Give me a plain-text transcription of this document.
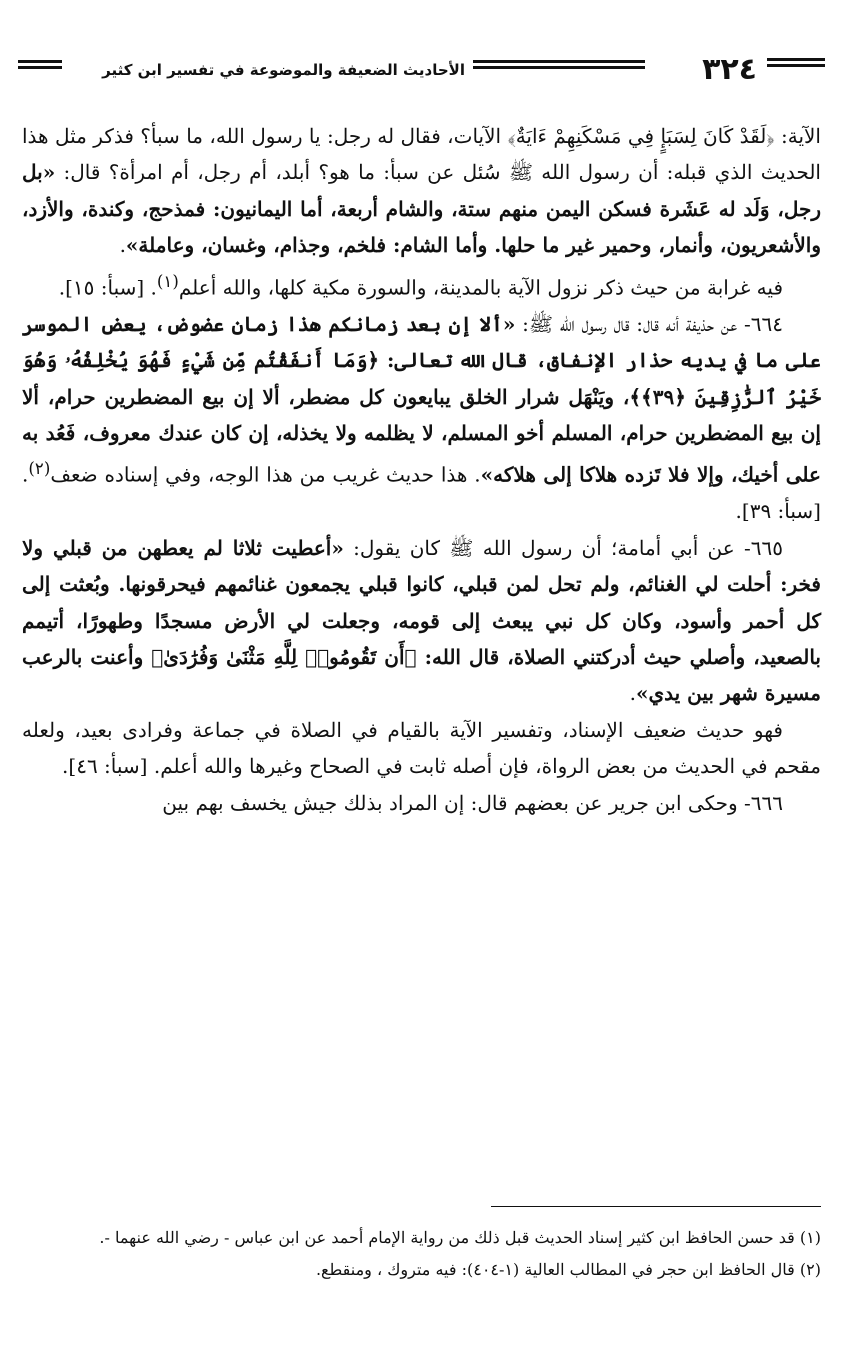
٣٢٤
الأحاديث الضعيفة والموضوعة في تفسير ابن كثير

الآية: ﴿لَقَدْ كَانَ لِسَبَإٍ فِي مَسْكَنِهِمْ ءَايَةٌ﴾ الآيات، فقال له رجل: يا رسول الله، ما سبأ؟ فذكر مثل هذا الحديث الذي قبله: أن رسول الله ﷺ سُئل عن سبأ: ما هو؟ أبلد، أم رجل، أم امرأة؟ قال: «بل رجل، وَلَد له عَشَرة فسكن اليمن منهم ستة، والشام أربعة، أما اليمانيون: فمذحج، وكندة، والأزد، والأشعريون، وأنمار، وحمير غير ما حلها. وأما الشام: فلخم، وجذام، وغسان، وعاملة».

فيه غرابة من حيث ذكر نزول الآية بالمدينة، والسورة مكية كلها، والله أعلم$^{(١)}$. [سبأ: ١٥].

٦٦٤- عن حذيفة أنه قال: قال رسول الله ﷺ: «ألا إن بعد زمانكم هذا زمان عضوض، يعض الموسر على ما في يديه حذار الإنفاق، قال الله تعالى: ﴿وَمَا أَنفَقْتُم مِّن شَيْءٍ فَهُوَ يُخْلِفُهُۥ وَهُوَ خَيْرُ ٱلرَّٰزِقِينَ ﴿٣٩﴾﴾، ويَنْهَل شرار الخلق يبايعون كل مضطر، ألا إن بيع المضطرين حرام، ألا إن بيع المضطرين حرام، المسلم أخو المسلم، لا يظلمه ولا يخذله، إن كان عندك معروف، فَعُد به على أخيك، وإلا فلا تَزده هلاكا إلى هلاكه». هذا حديث غريب من هذا الوجه، وفي إسناده ضعف$^{(٢)}$. [سبأ: ٣٩].

٦٦٥- عن أبي أمامة؛ أن رسول الله ﷺ كان يقول: «أعطيت ثلاثا لم يعطهن من قبلي ولا فخر: أحلت لي الغنائم، ولم تحل لمن قبلي، كانوا قبلي يجمعون غنائمهم فيحرقونها. وبُعثت إلى كل أحمر وأسود، وكان كل نبي يبعث إلى قومه، وجعلت لي الأرض مسجدًا وطهورًا، أتيمم بالصعيد، وأصلي حيث أدركتني الصلاة، قال الله: ﴿أَن تَقُومُوا۟ لِلَّهِ مَثْنَىٰ وَفُرَٰدَىٰ﴾ وأعنت بالرعب مسيرة شهر بين يدي».

فهو حديث ضعيف الإسناد، وتفسير الآية بالقيام في الصلاة في جماعة وفرادى بعيد، ولعله مقحم في الحديث من بعض الرواة، فإن أصله ثابت في الصحاح وغيرها والله أعلم. [سبأ: ٤٦].

٦٦٦- وحكى ابن جرير عن بعضهم قال: إن المراد بذلك جيش يخسف بهم بين

(١) قد حسن الحافظ ابن كثير إسناد الحديث قبل ذلك من رواية الإمام أحمد عن ابن عباس - رضي الله عنهما -.

(٢) قال الحافظ ابن حجر في المطالب العالية (١-٤٠٤): فيه متروك ، ومنقطع.
